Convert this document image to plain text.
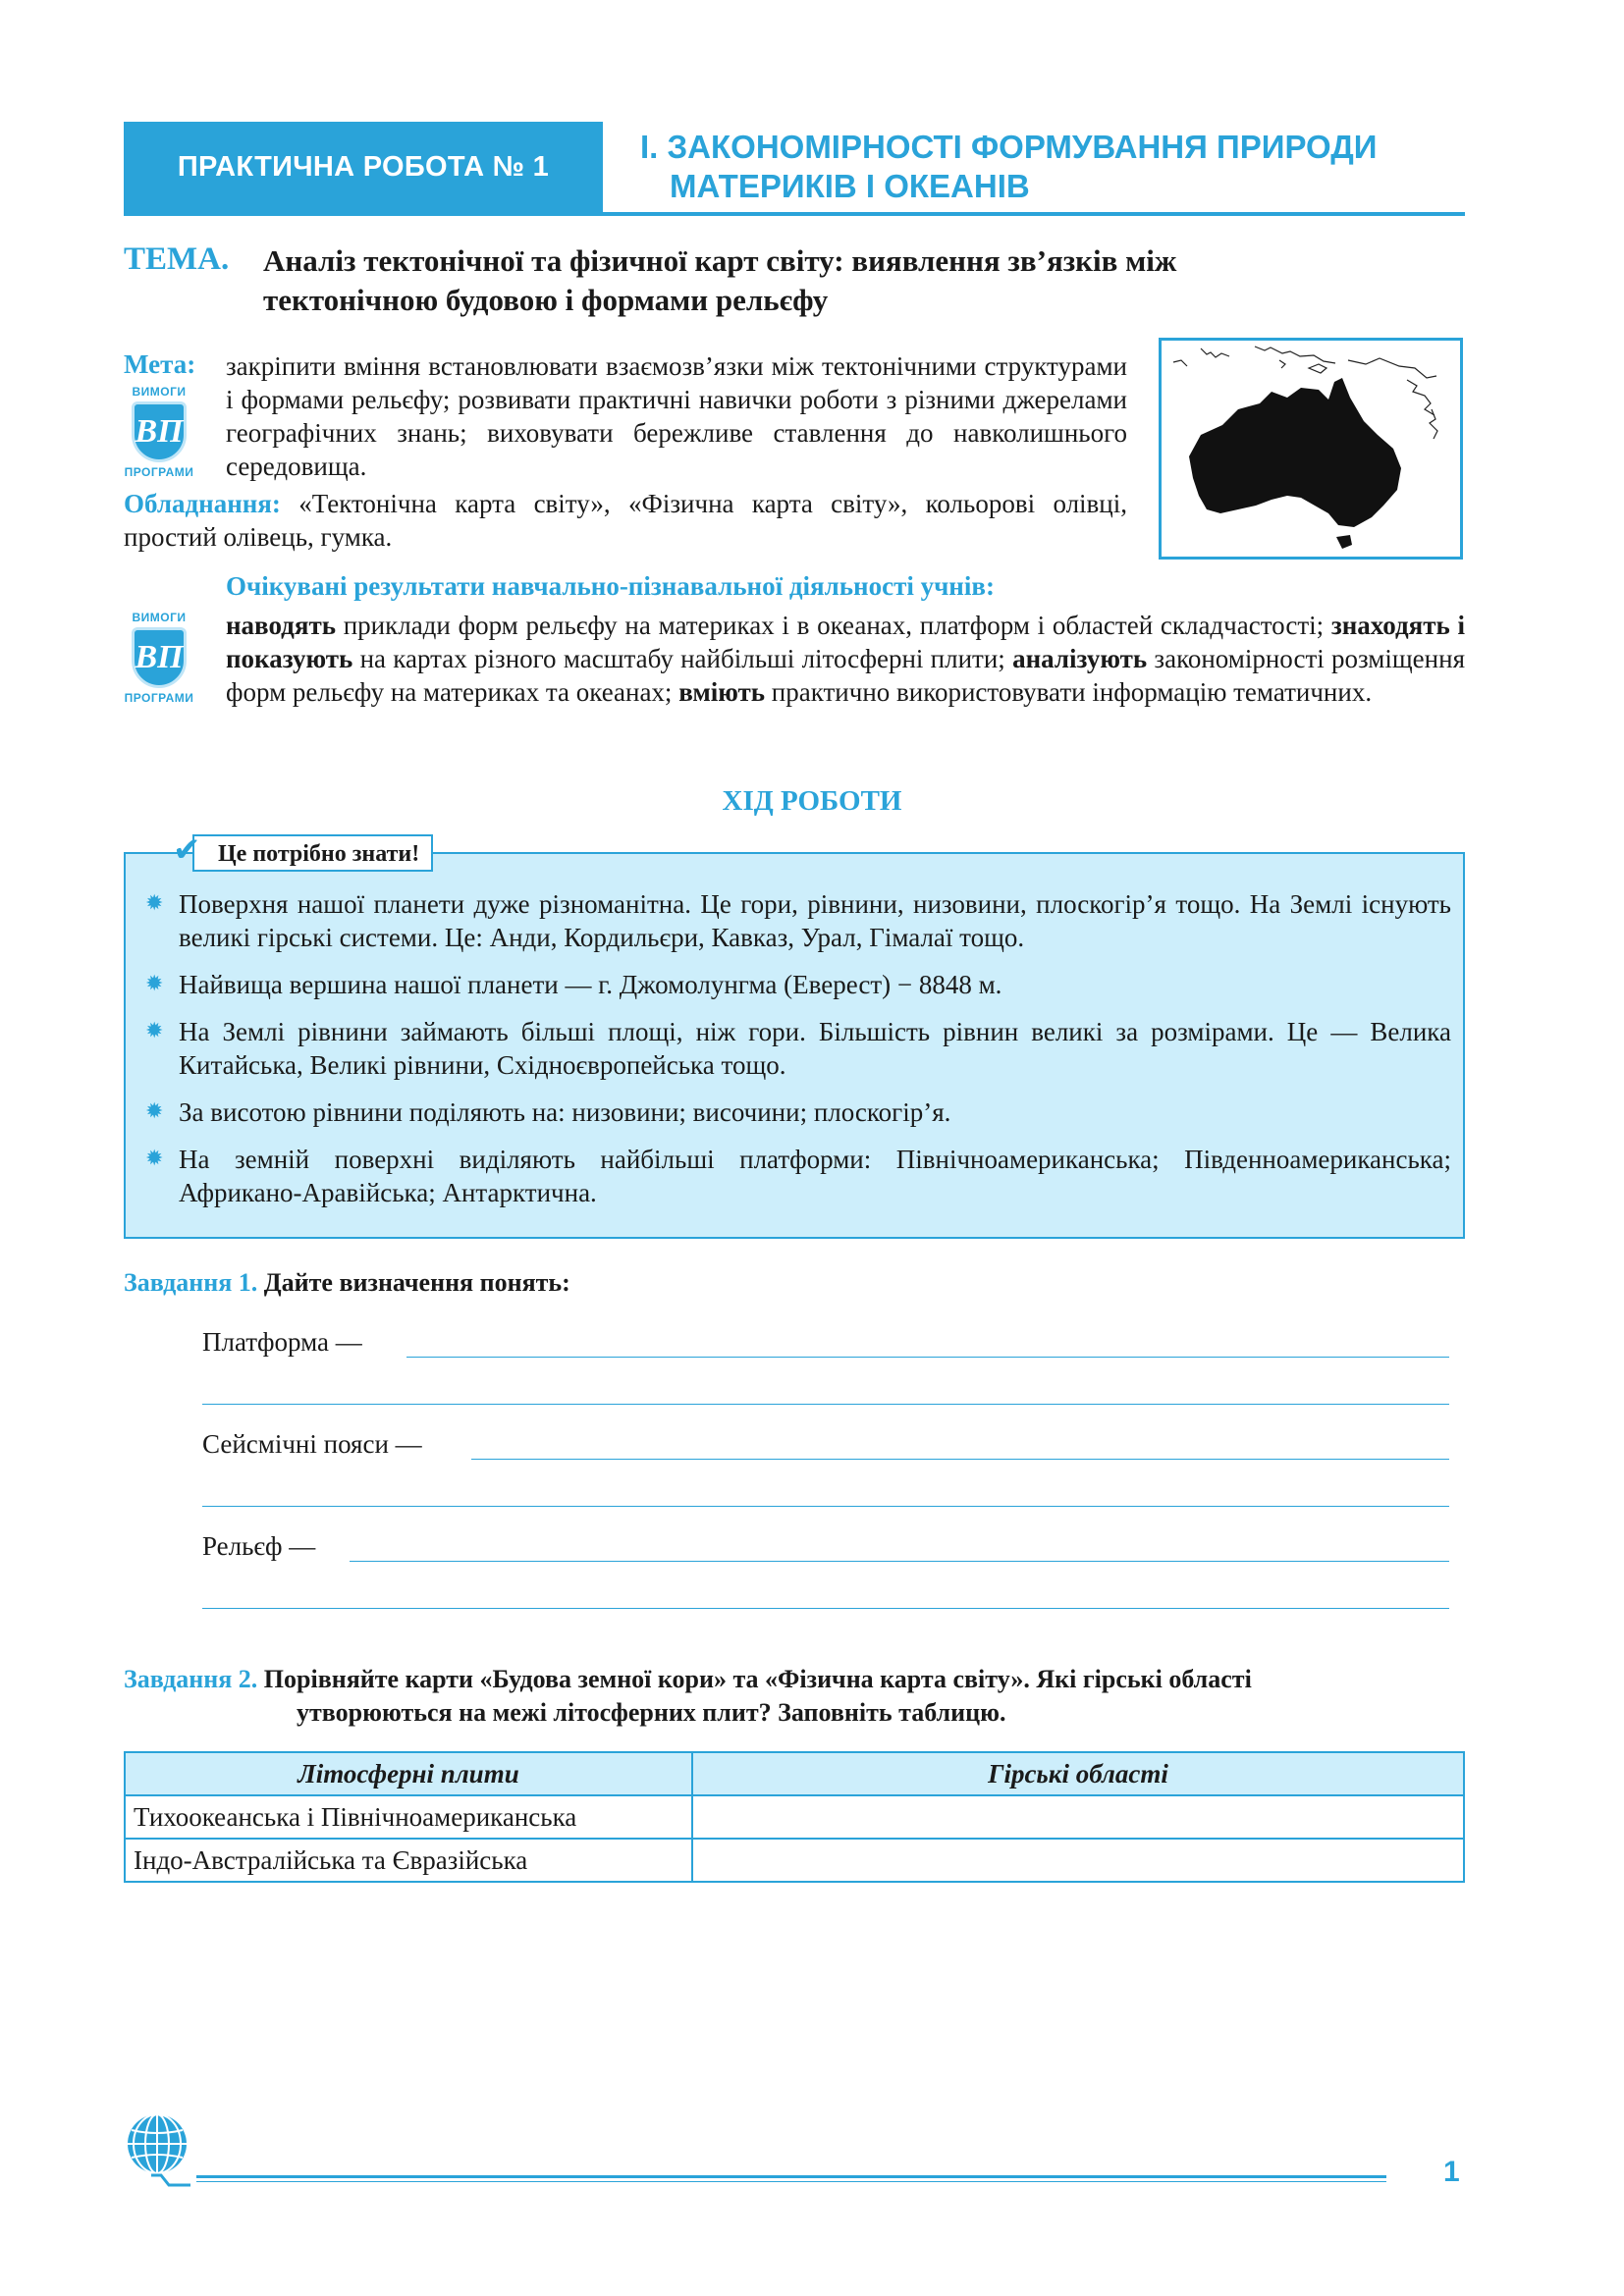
ПРАКТИЧНА РОБОТА № 1
І. ЗАКОНОМІРНОСТІ ФОРМУВАННЯ ПРИРОДИ
МАТЕРИКІВ І ОКЕАНІВ
ТЕМА. Аналіз тектонічної та фізичної карт світу: виявлення зв’язків між тектонічною будовою і формами рельєфу
Мета:
ВИМОГИ
ВП
ПРОГРАМИ
закріпити вміння встановлювати взаємозв’язки між тектонічними структурами і формами рельєфу; розвивати практичні навички роботи з різними джерелами географічних знань; виховувати бережливе ставлення до навколишнього середовища.
Обладнання: «Тектонічна карта світу», «Фізична карта світу», кольорові олівці, простий олівець, гумка.
Очікувані результати навчально-пізнавальної діяльності учнів:
ВИМОГИ
ВП
ПРОГРАМИ
наводять приклади форм рельєфу на материках і в океанах, платформ і областей складчастості; знаходять і показують на картах різного масштабу найбільші літосферні плити; аналізують закономірності розміщення форм рельєфу на материках та океанах; вміють практично використовувати інформацію тематичних.
ХІД РОБОТИ
Це потрібно знати!
✔
✹ Поверхня нашої планети дуже різноманітна. Це гори, рівнини, низовини, плоскогір’я тощо. На Землі існують великі гірські системи. Це: Анди, Кордильєри, Кавказ, Урал, Гімалаї тощо.
✹ Найвища вершина нашої планети — г. Джомолунгма (Еверест) − 8848 м.
✹ На Землі рівнини займають більші площі, ніж гори. Більшість рівнин великі за розмірами. Це — Велика Китайська, Великі рівнини, Східноєвропейська тощо.
✹ За висотою рівнини поділяють на: низовини; височини; плоскогір’я.
✹ На земній поверхні виділяють найбільші платформи: Північноамериканська; Південноамериканська; Африкано-Аравійська; Антарктична.
Завдання 1. Дайте визначення понять:
Платформа —
Сейсмічні пояси —
Рельєф —
Завдання 2. Порівняйте карти «Будова земної кори» та «Фізична карта світу». Які гірські області
утворюються на межі літосферних плит? Заповніть таблицю.
Літосферні плити	Гірські області
Тихоокеанська і Північноамериканська	
Індо-Австралійська та Євразійська	
1
